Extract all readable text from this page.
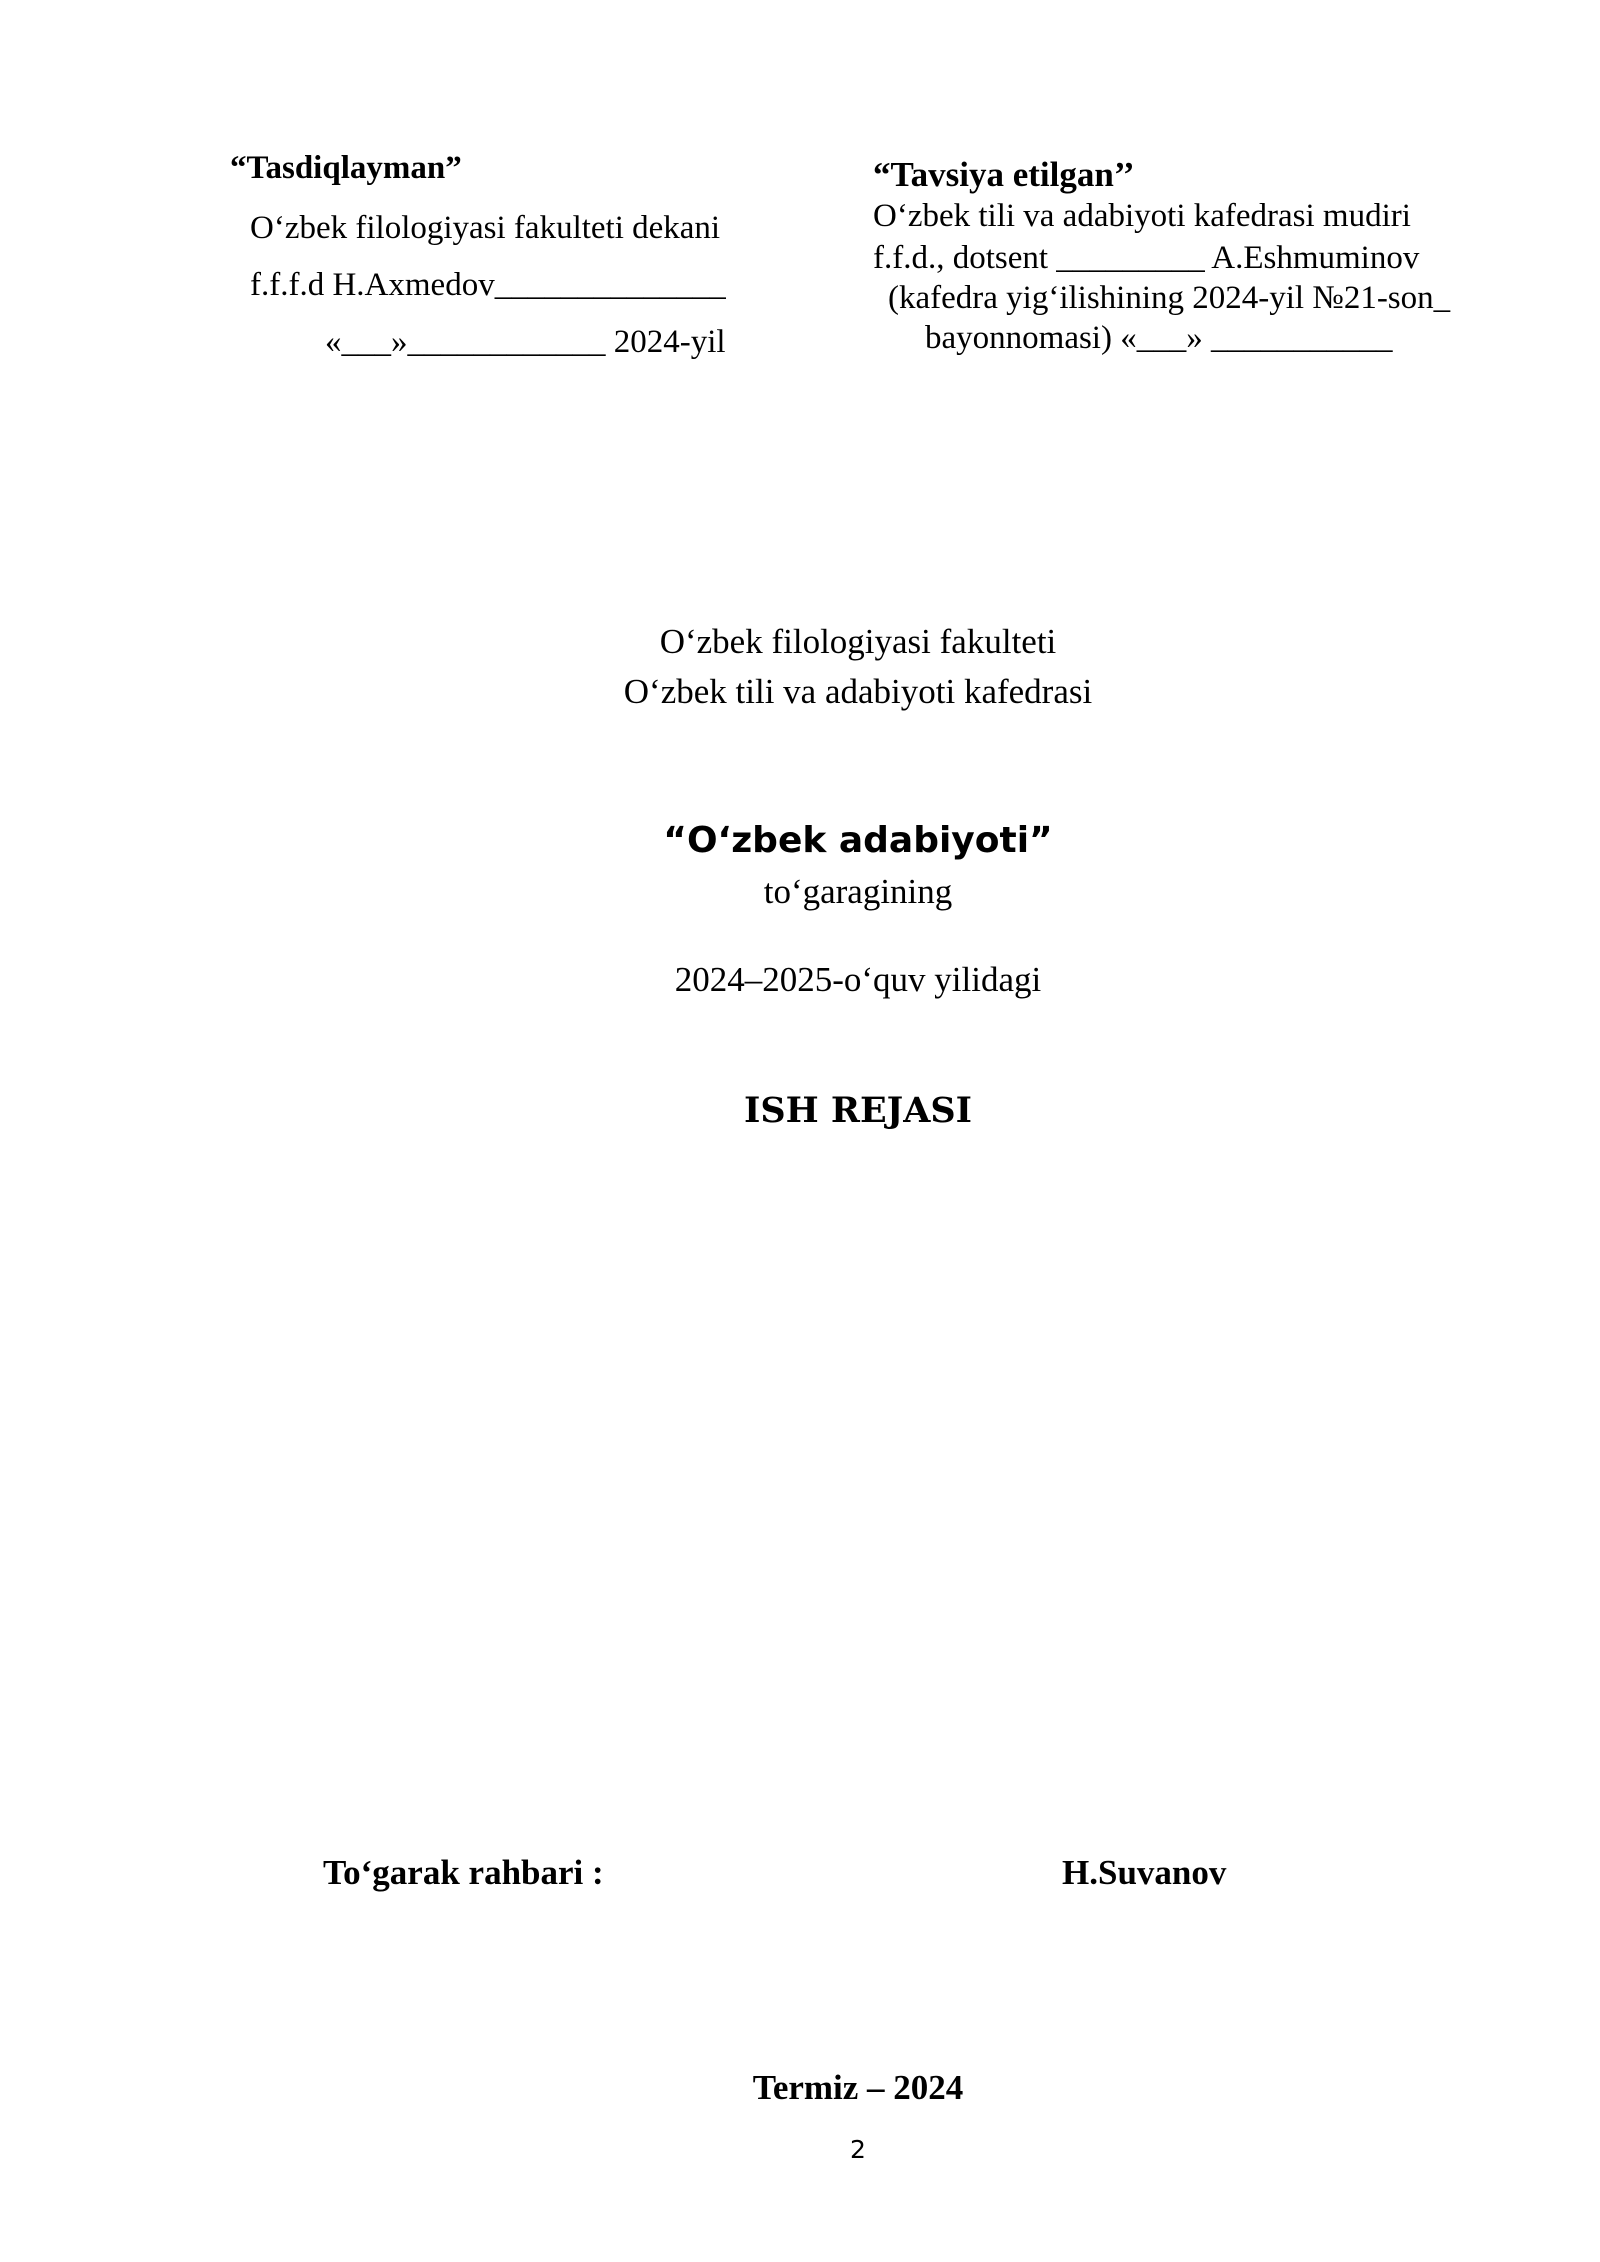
“Tasdiqlayman”
O‘zbek filologiyasi fakulteti dekani
f.f.f.d H.Axmedov______________
«___»____________ 2024-yil
“Tavsiya etilgan’’
O‘zbek tili va adabiyoti kafedrasi mudiri
f.f.d., dotsent _________ A.Eshmuminov
(kafedra yig‘ilishining 2024-yil №21-son_
bayonnomasi) «___» ___________
O‘zbek filologiyasi fakulteti
O‘zbek tili va adabiyoti kafedrasi
“O‘zbek adabiyoti”
to‘garagining
2024–2025-o‘quv yilidagi
ISH REJASI
To‘garak rahbari :	H.Suvanov
Termiz – 2024
2
